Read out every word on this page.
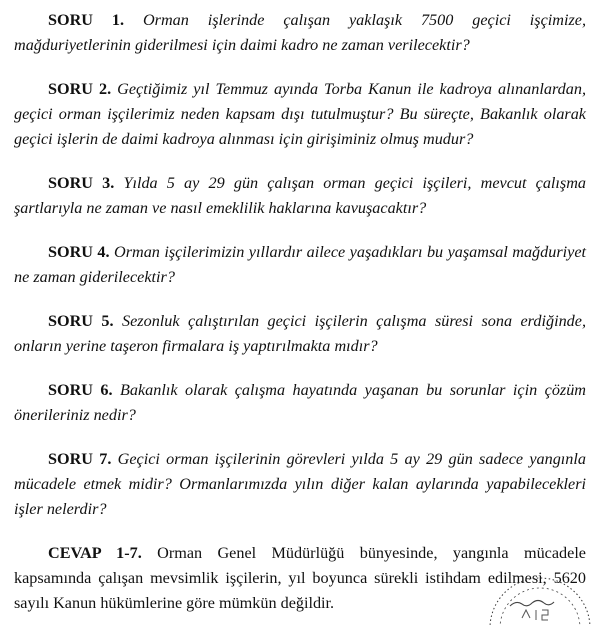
SORU 1. Orman işlerinde çalışan yaklaşık 7500 geçici işçimize, mağduriyetlerinin giderilmesi için daimi kadro ne zaman verilecektir?

SORU 2. Geçtiğimiz yıl Temmuz ayında Torba Kanun ile kadroya alınanlardan, geçici orman işçilerimiz neden kapsam dışı tutulmuştur? Bu süreçte, Bakanlık olarak geçici işlerin de daimi kadroya alınması için girişiminiz olmuş mudur?

SORU 3. Yılda 5 ay 29 gün çalışan orman geçici işçileri, mevcut çalışma şartlarıyla ne zaman ve nasıl emeklilik haklarına kavuşacaktır?

SORU 4. Orman işçilerimizin yıllardır ailece yaşadıkları bu yaşamsal mağduriyet ne zaman giderilecektir?

SORU 5. Sezonluk çalıştırılan geçici işçilerin çalışma süresi sona erdiğinde, onların yerine taşeron firmalara iş yaptırılmakta mıdır?

SORU 6. Bakanlık olarak çalışma hayatında yaşanan bu sorunlar için çözüm önerileriniz nedir?

SORU 7. Geçici orman işçilerinin görevleri yılda 5 ay 29 gün sadece yangınla mücadele etmek midir? Ormanlarımızda yılın diğer kalan aylarında yapabilecekleri işler nelerdir?

CEVAP 1-7. Orman Genel Müdürlüğü bünyesinde, yangınla mücadele kapsamında çalışan mevsimlik işçilerin, yıl boyunca sürekli istihdam edilmesi, 5620 sayılı Kanun hükümlerine göre mümkün değildir.
